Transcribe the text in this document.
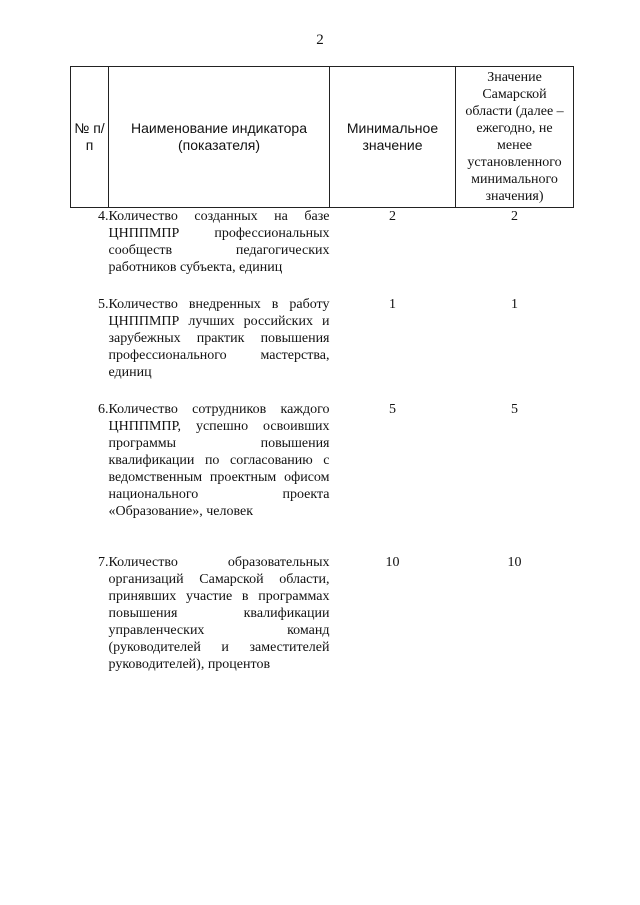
2
№ п/п	Наименование индикатора (показателя)	Минимальное значение	Значение Самарской области (далее – ежегодно, не менее установленного минимального значения)
4.	Количество созданных на базе ЦНППМПР профессиональных сообществ педагогических работников субъекта, единиц	2	2
5.	Количество внедренных в работу ЦНППМПР лучших российских и зарубежных практик повышения профессионального мастерства, единиц	1	1
6.	Количество сотрудников каждого ЦНППМПР, успешно освоивших программы повышения квалификации по согласованию с ведомственным проектным офисом национального проекта «Образование», человек	5	5
7.	Количество образовательных организаций Самарской области, принявших участие в программах повышения квалификации управленческих команд (руководителей и заместителей руководителей), процентов	10	10
